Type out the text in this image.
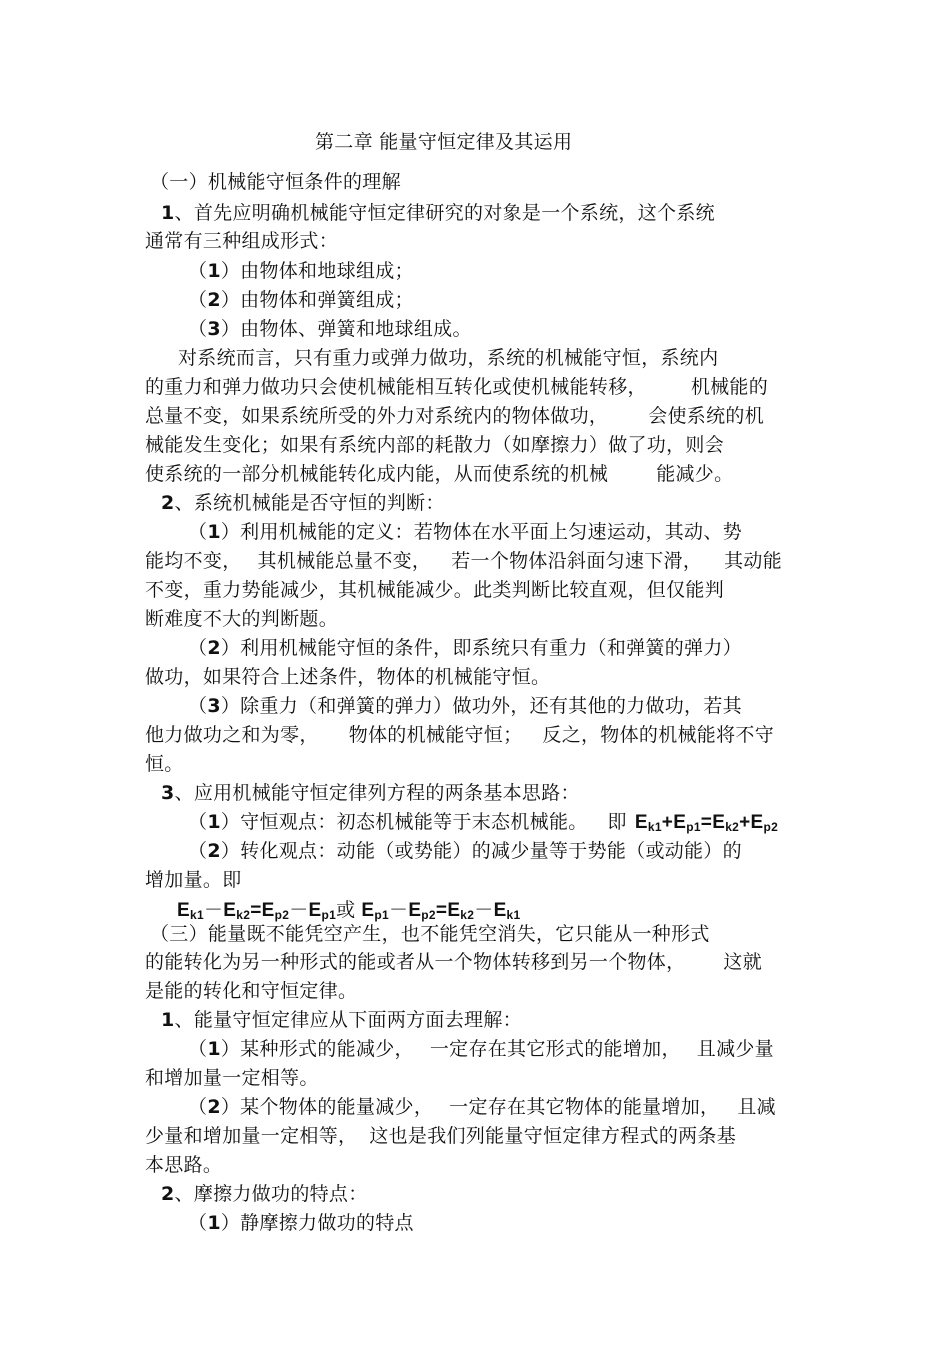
第二章 能量守恒定律及其运用
（一）机械能守恒条件的理解
1、首先应明确机械能守恒定律研究的对象是一个系统，这个系统
通常有三种组成形式：
（1）由物体和地球组成；
（2）由物体和弹簧组成；
（3）由物体、弹簧和地球组成。
对系统而言，只有重力或弹力做功，系统的机械能守恒，系统内
的重力和弹力做功只会使机械能相互转化或使机械能转移， 机械能的
总量不变，如果系统所受的外力对系统内的物体做功， 会使系统的机
械能发生变化；如果有系统内部的耗散力（如摩擦力）做了功，则会
使系统的一部分机械能转化成内能，从而使系统的机械	能减少。
2、系统机械能是否守恒的判断：
（1）利用机械能的定义：若物体在水平面上匀速运动，其动、势
能均不变， 其机械能总量不变， 若一个物体沿斜面匀速下滑， 其动能
不变，重力势能减少，其机械能减少。此类判断比较直观，但仅能判
断难度不大的判断题。
（2）利用机械能守恒的条件，即系统只有重力（和弹簧的弹力）
做功，如果符合上述条件，物体的机械能守恒。
（3）除重力（和弹簧的弹力）做功外，还有其他的力做功，若其
他力做功之和为零， 物体的机械能守恒； 反之，物体的机械能将不守
恒。
3、应用机械能守恒定律列方程的两条基本思路：
（1）守恒观点：初态机械能等于末态机械能。 即 $E_{k1}+E_{p1}=E_{k2}+E_{p2}$
（2）转化观点：动能（或势能）的减少量等于势能（或动能）的
增加量。即
$E_{k1}-E_{k2}=E_{p2}-E_{p1}$或 $E_{p1}-E_{p2}=E_{k2}-E_{k1}$
（三）能量既不能凭空产生，也不能凭空消失，它只能从一种形式
的能转化为另一种形式的能或者从一个物体转移到另一个物体， 这就
是能的转化和守恒定律。
1、能量守恒定律应从下面两方面去理解：
（1）某种形式的能减少， 一定存在其它形式的能增加， 且减少量
和增加量一定相等。
（2）某个物体的能量减少， 一定存在其它物体的能量增加， 且减
少量和增加量一定相等， 这也是我们列能量守恒定律方程式的两条基
本思路。
2、摩擦力做功的特点：
（1）静摩擦力做功的特点
